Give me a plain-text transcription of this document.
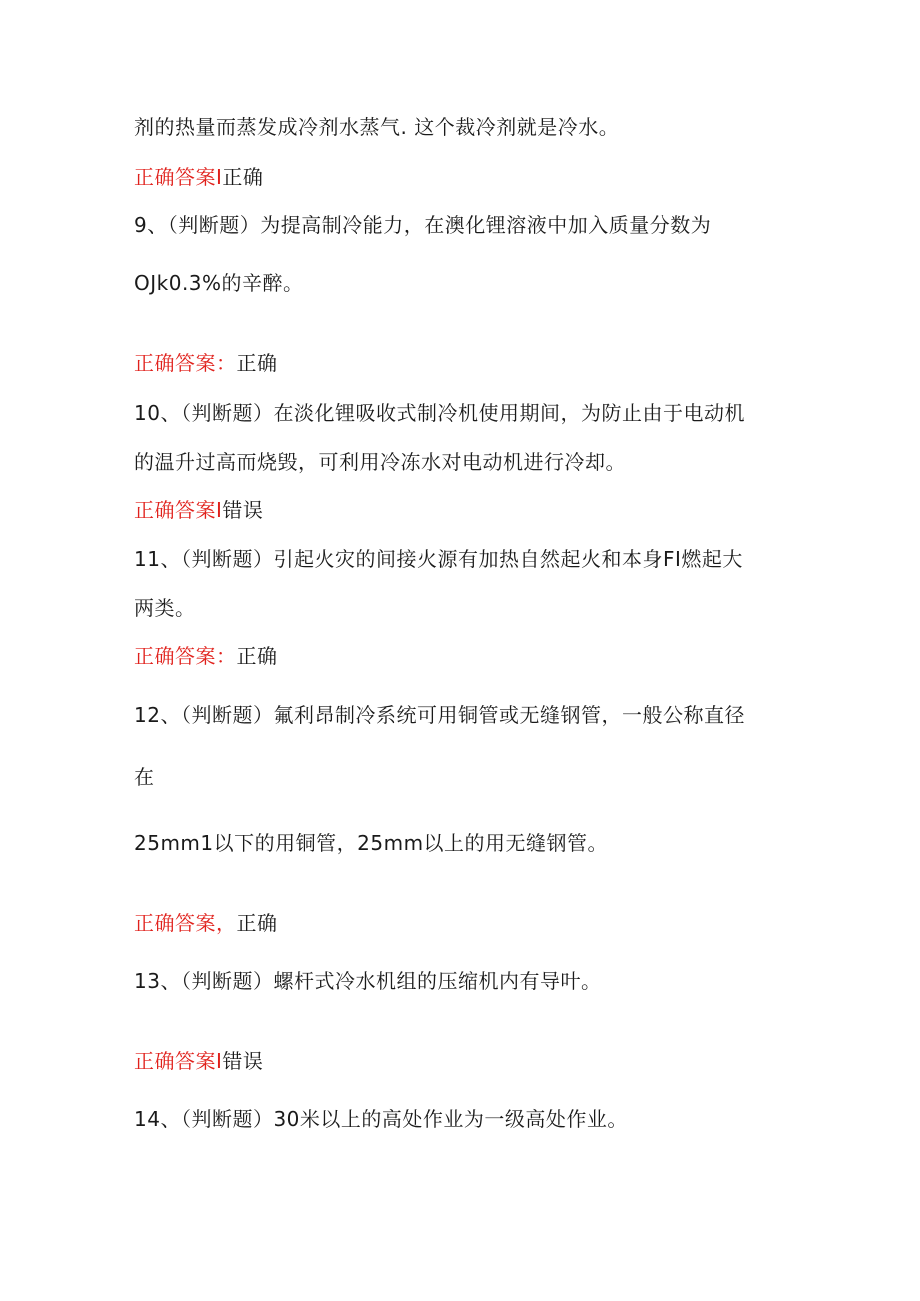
剂的热量而蒸发成冷剂水蒸气. 这个裁冷剂就是冷水。
正确答案I正确
9、（判断题）为提高制冷能力，在澳化锂溶液中加入质量分数为
OJk0.3%的辛醉。
正确答案：正确
10、（判断题）在淡化锂吸收式制冷机使用期间，为防止由于电动机
的温升过高而烧毁，可利用冷冻水对电动机进行冷却。
正确答案I错误
11、（判断题）引起火灾的间接火源有加热自然起火和本身FI燃起大
两类。
正确答案：正确
12、（判断题）氟利昂制冷系统可用铜管或无缝钢管，一般公称直径
在
25mm1以下的用铜管，25mm以上的用无缝钢管。
正确答案，正确
13、（判断题）螺杆式冷水机组的压缩机内有导叶。
正确答案I错误
14、（判断题）30米以上的高处作业为一级高处作业。
